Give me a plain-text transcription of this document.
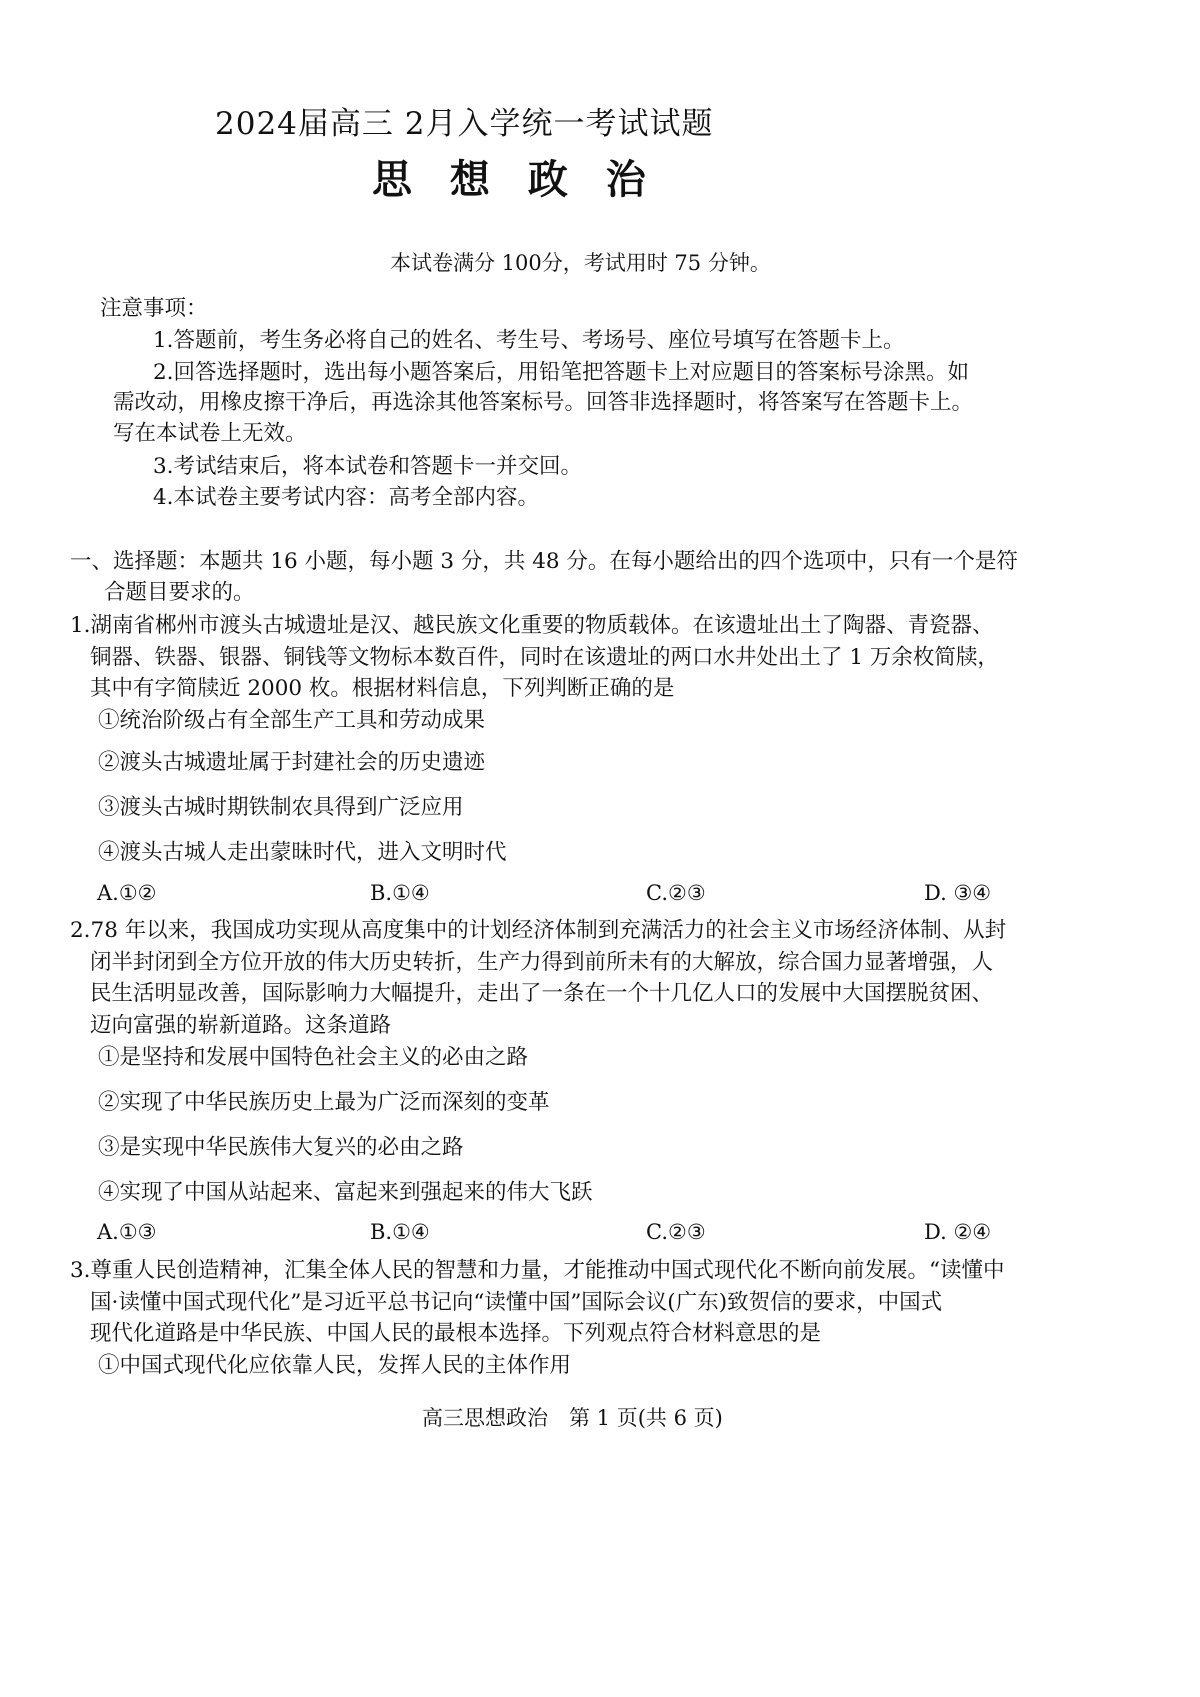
2024届高三 2月入学统一考试试题
思 想 政 治
本试卷满分 100分，考试用时 75 分钟。
注意事项：
1.答题前，考生务必将自己的姓名、考生号、考场号、座位号填写在答题卡上。
2.回答选择题时，选出每小题答案后，用铅笔把答题卡上对应题目的答案标号涂黑。如
需改动，用橡皮擦干净后，再选涂其他答案标号。回答非选择题时，将答案写在答题卡上。
写在本试卷上无效。
3.考试结束后，将本试卷和答题卡一并交回。
4.本试卷主要考试内容：高考全部内容。
一、选择题：本题共 16 小题，每小题 3 分，共 48 分。在每小题给出的四个选项中，只有一个是符
合题目要求的。
1.湖南省郴州市渡头古城遗址是汉、越民族文化重要的物质载体。在该遗址出土了陶器、青瓷器、
铜器、铁器、银器、铜钱等文物标本数百件，同时在该遗址的两口水井处出土了 1 万余枚简牍，
其中有字简牍近 2000 枚。根据材料信息，下列判断正确的是
①统治阶级占有全部生产工具和劳动成果
②渡头古城遗址属于封建社会的历史遗迹
③渡头古城时期铁制农具得到广泛应用
④渡头古城人走出蒙昧时代，进入文明时代
A.①②	B.①④	C.②③	D. ③④
2.78 年以来，我国成功实现从高度集中的计划经济体制到充满活力的社会主义市场经济体制、从封
闭半封闭到全方位开放的伟大历史转折，生产力得到前所未有的大解放，综合国力显著增强，人
民生活明显改善，国际影响力大幅提升，走出了一条在一个十几亿人口的发展中大国摆脱贫困、
迈向富强的崭新道路。这条道路
①是坚持和发展中国特色社会主义的必由之路
②实现了中华民族历史上最为广泛而深刻的变革
③是实现中华民族伟大复兴的必由之路
④实现了中国从站起来、富起来到强起来的伟大飞跃
A.①③	B.①④	C.②③	D. ②④
3.尊重人民创造精神，汇集全体人民的智慧和力量，才能推动中国式现代化不断向前发展。“读懂中
国·读懂中国式现代化”是习近平总书记向“读懂中国”国际会议(广东)致贺信的要求，中国式
现代化道路是中华民族、中国人民的最根本选择。下列观点符合材料意思的是
①中国式现代化应依靠人民，发挥人民的主体作用
高三思想政治　第 1 页(共 6 页)
